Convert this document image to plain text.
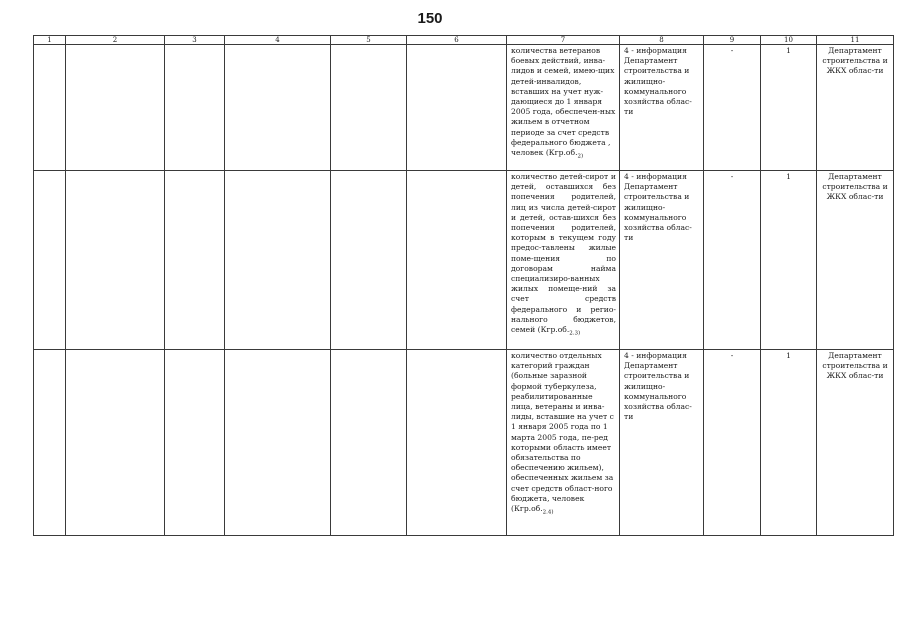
150
1	2	3	4	5	6	7	8	9	10	11
						количества ветеранов боевых действий, инва-лидов и семей, имею-щих детей-инвалидов, вставших на учет нуж-дающиеся до 1 января 2005 года, обеспечен-ных жильем в отчетном периоде за счет средств федерального бюджета , человек ($Кгр.об._{2)}$	4 - информация Департамент строительства и жилищно-коммунального хозяйства облас-ти	-	1	Департамент строительства и ЖКХ облас-ти
						количество детей-сирот и детей, оставшихся без попечения родителей, лиц из числа детей-сирот и детей, остав-шихся без попечения родителей, которым в текущем году предос-тавлены жилые поме-щения по договорам найма специализиро-ванных жилых помеще-ний за счет средств федерального и регио-нального бюджетов, семей ($Кгр.об._{2.3)}$	4 - информация Департамент строительства и жилищно-коммунального хозяйства облас-ти	-	1	Департамент строительства и ЖКХ облас-ти
						количество отдельных категорий граждан (больные заразной формой туберкулеза, реабилитированные лица, ветераны и инва-лиды, вставшие на учет с 1 января 2005 года по 1 марта 2005 года, пе-ред которыми область имеет обязательства по обеспечению жильем), обеспеченных жильем за счет средств област-ного бюджета, человек ($Кгр.об._{2.4)}$	4 - информация Департамент строительства и жилищно-коммунального хозяйства облас-ти	-	1	Департамент строительства и ЖКХ облас-ти
